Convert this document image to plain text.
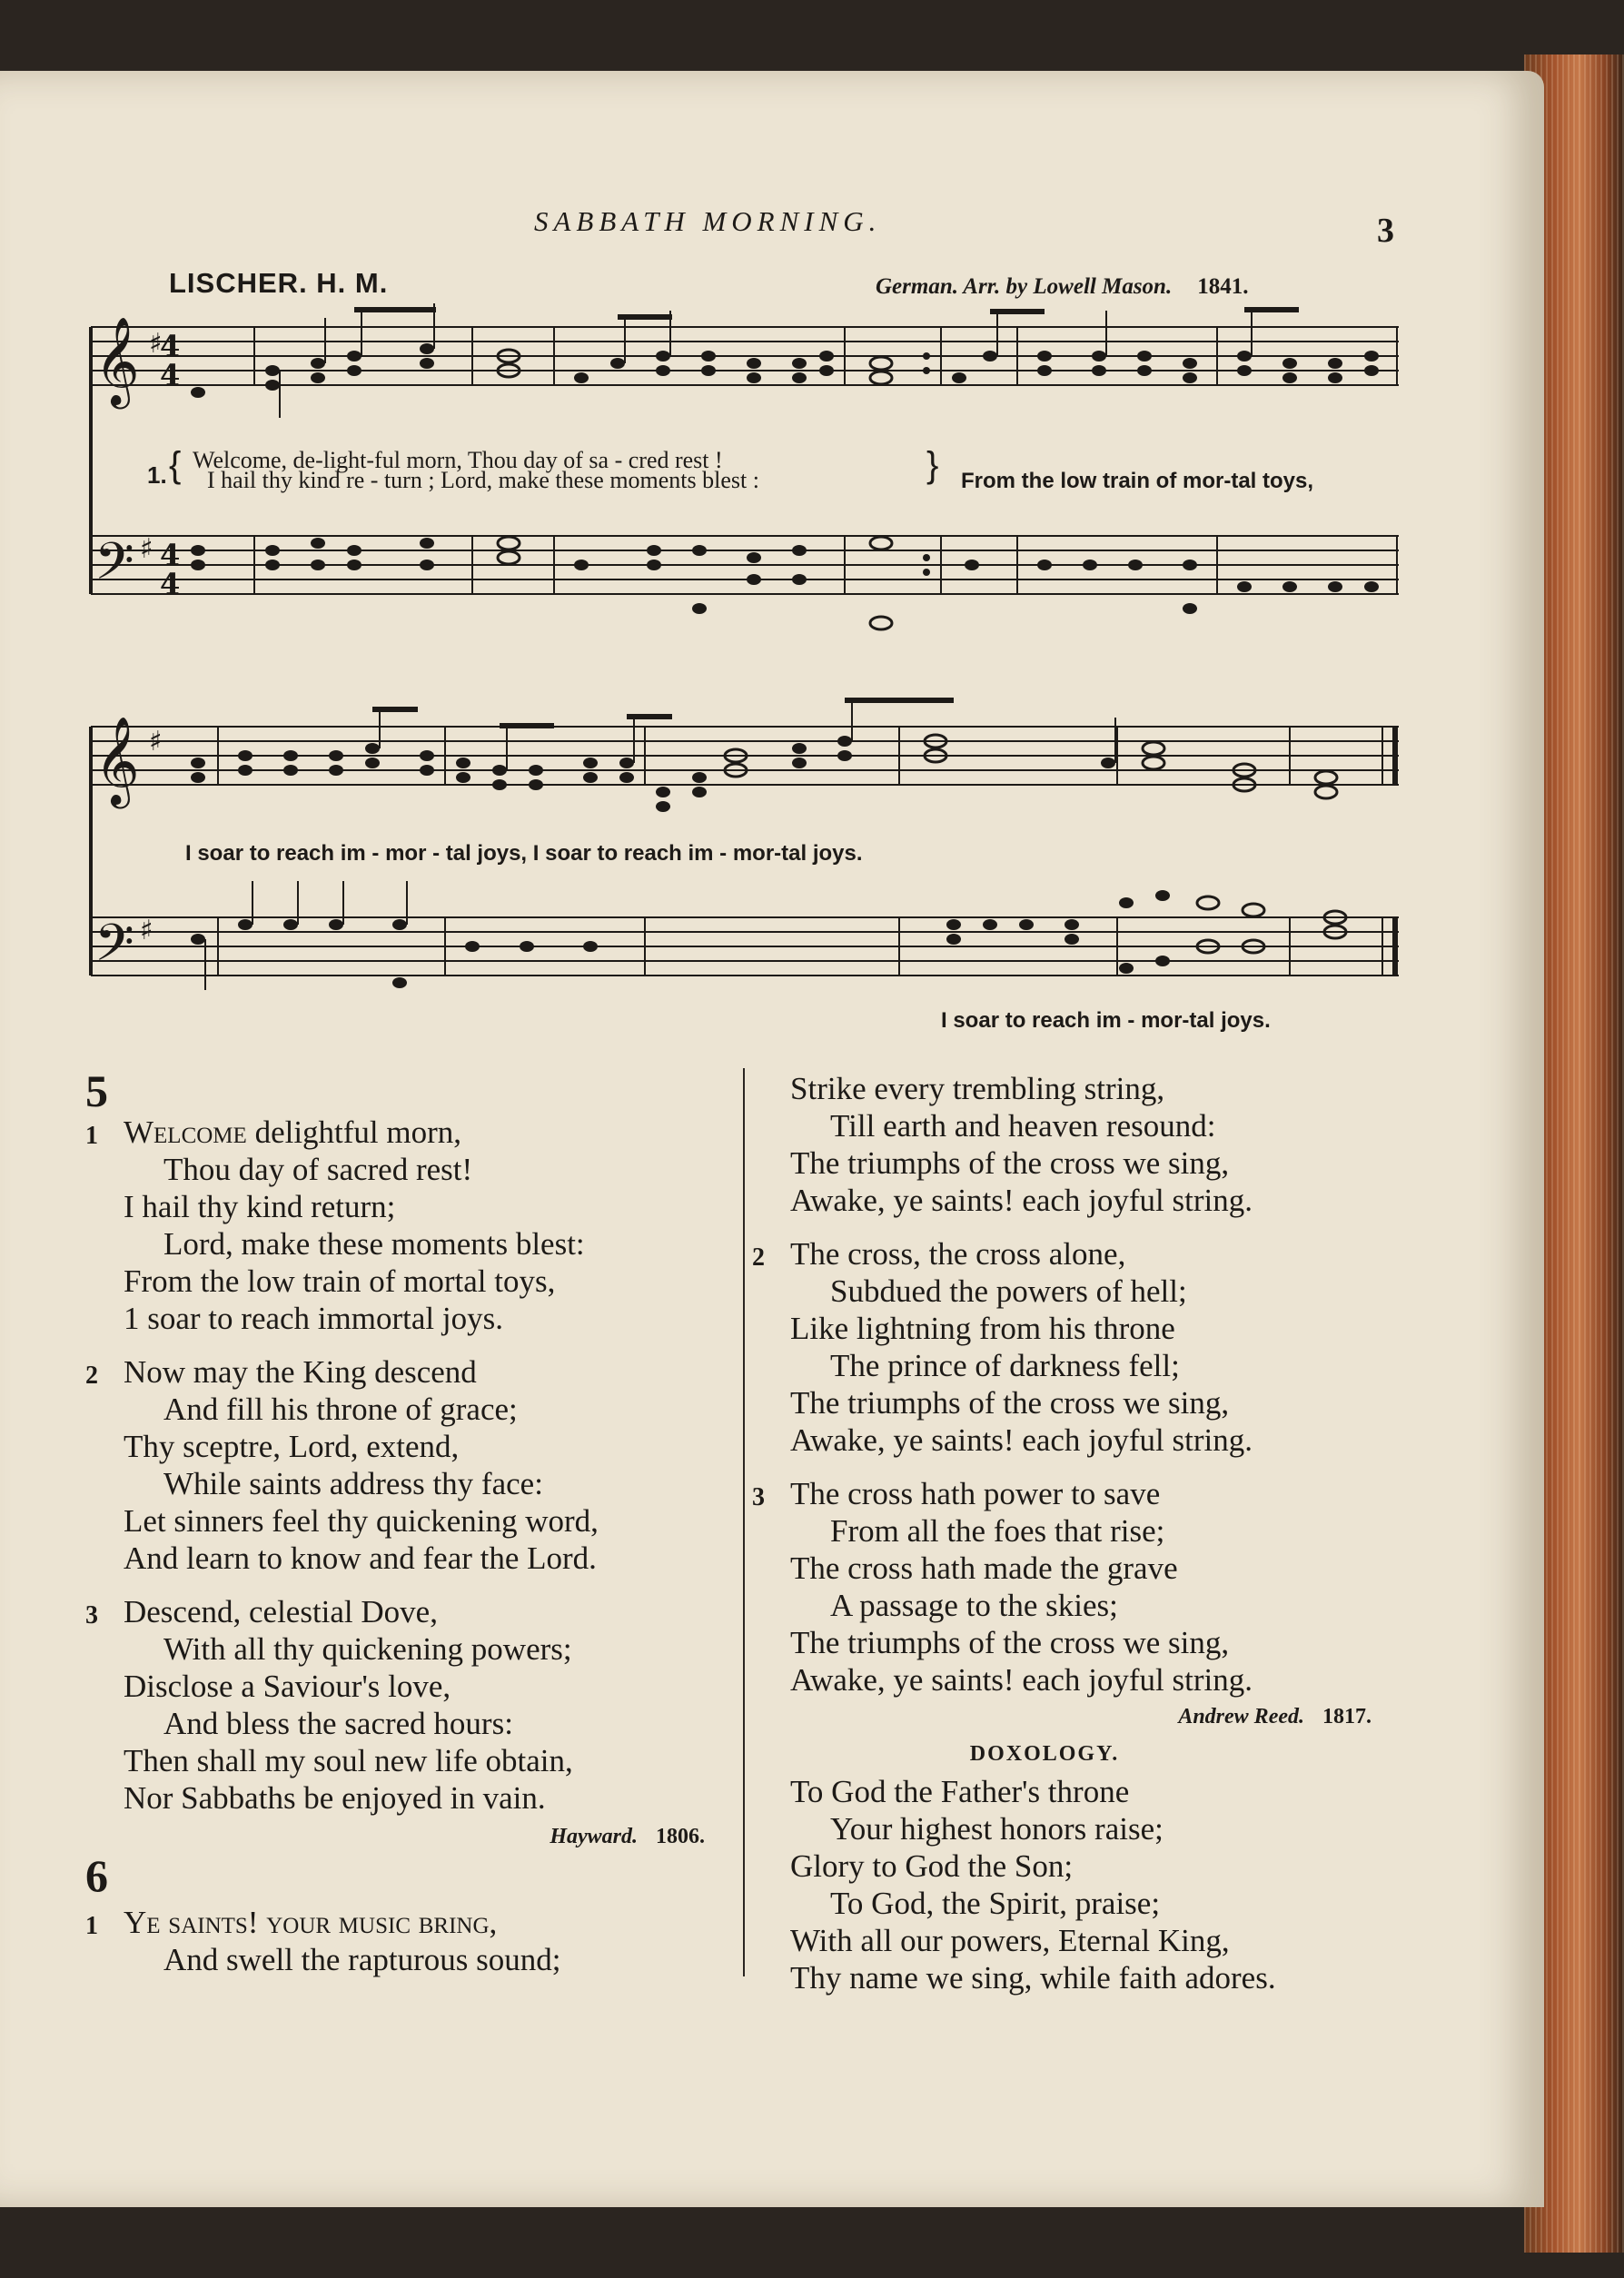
SABBATH MORNING.	3
LISCHER. H. M.	German. Arr. by Lowell Mason. 1841.
𝄞
𝄢
𝄞
𝄢
4
4
4
4
♯
♯
♯
♯
1. { Welcome, de-light-ful morn, Thou day of sa - cred rest !
I hail thy kind re - turn ; Lord, make these moments blest :	} From the low train of mor-tal toys,
I soar to reach im - mor - tal joys, I soar to reach im - mor-tal joys.
I soar to reach im - mor-tal joys.
5
1 Welcome delightful morn,
Thou day of sacred rest!
I hail thy kind return;
Lord, make these moments blest:
From the low train of mortal toys,
1 soar to reach immortal joys.
2 Now may the King descend
And fill his throne of grace;
Thy sceptre, Lord, extend,
While saints address thy face:
Let sinners feel thy quickening word,
And learn to know and fear the Lord.
3 Descend, celestial Dove,
With all thy quickening powers;
Disclose a Saviour's love,
And bless the sacred hours:
Then shall my soul new life obtain,
Nor Sabbaths be enjoyed in vain.
Hayward. 1806.
6
1 Ye saints! your music bring,
And swell the rapturous sound;
Strike every trembling string,
Till earth and heaven resound:
The triumphs of the cross we sing,
Awake, ye saints! each joyful string.
2 The cross, the cross alone,
Subdued the powers of hell;
Like lightning from his throne
The prince of darkness fell;
The triumphs of the cross we sing,
Awake, ye saints! each joyful string.
3 The cross hath power to save
From all the foes that rise;
The cross hath made the grave
A passage to the skies;
The triumphs of the cross we sing,
Awake, ye saints! each joyful string.
Andrew Reed. 1817.
DOXOLOGY.
To God the Father's throne
Your highest honors raise;
Glory to God the Son;
To God, the Spirit, praise;
With all our powers, Eternal King,
Thy name we sing, while faith adores.
